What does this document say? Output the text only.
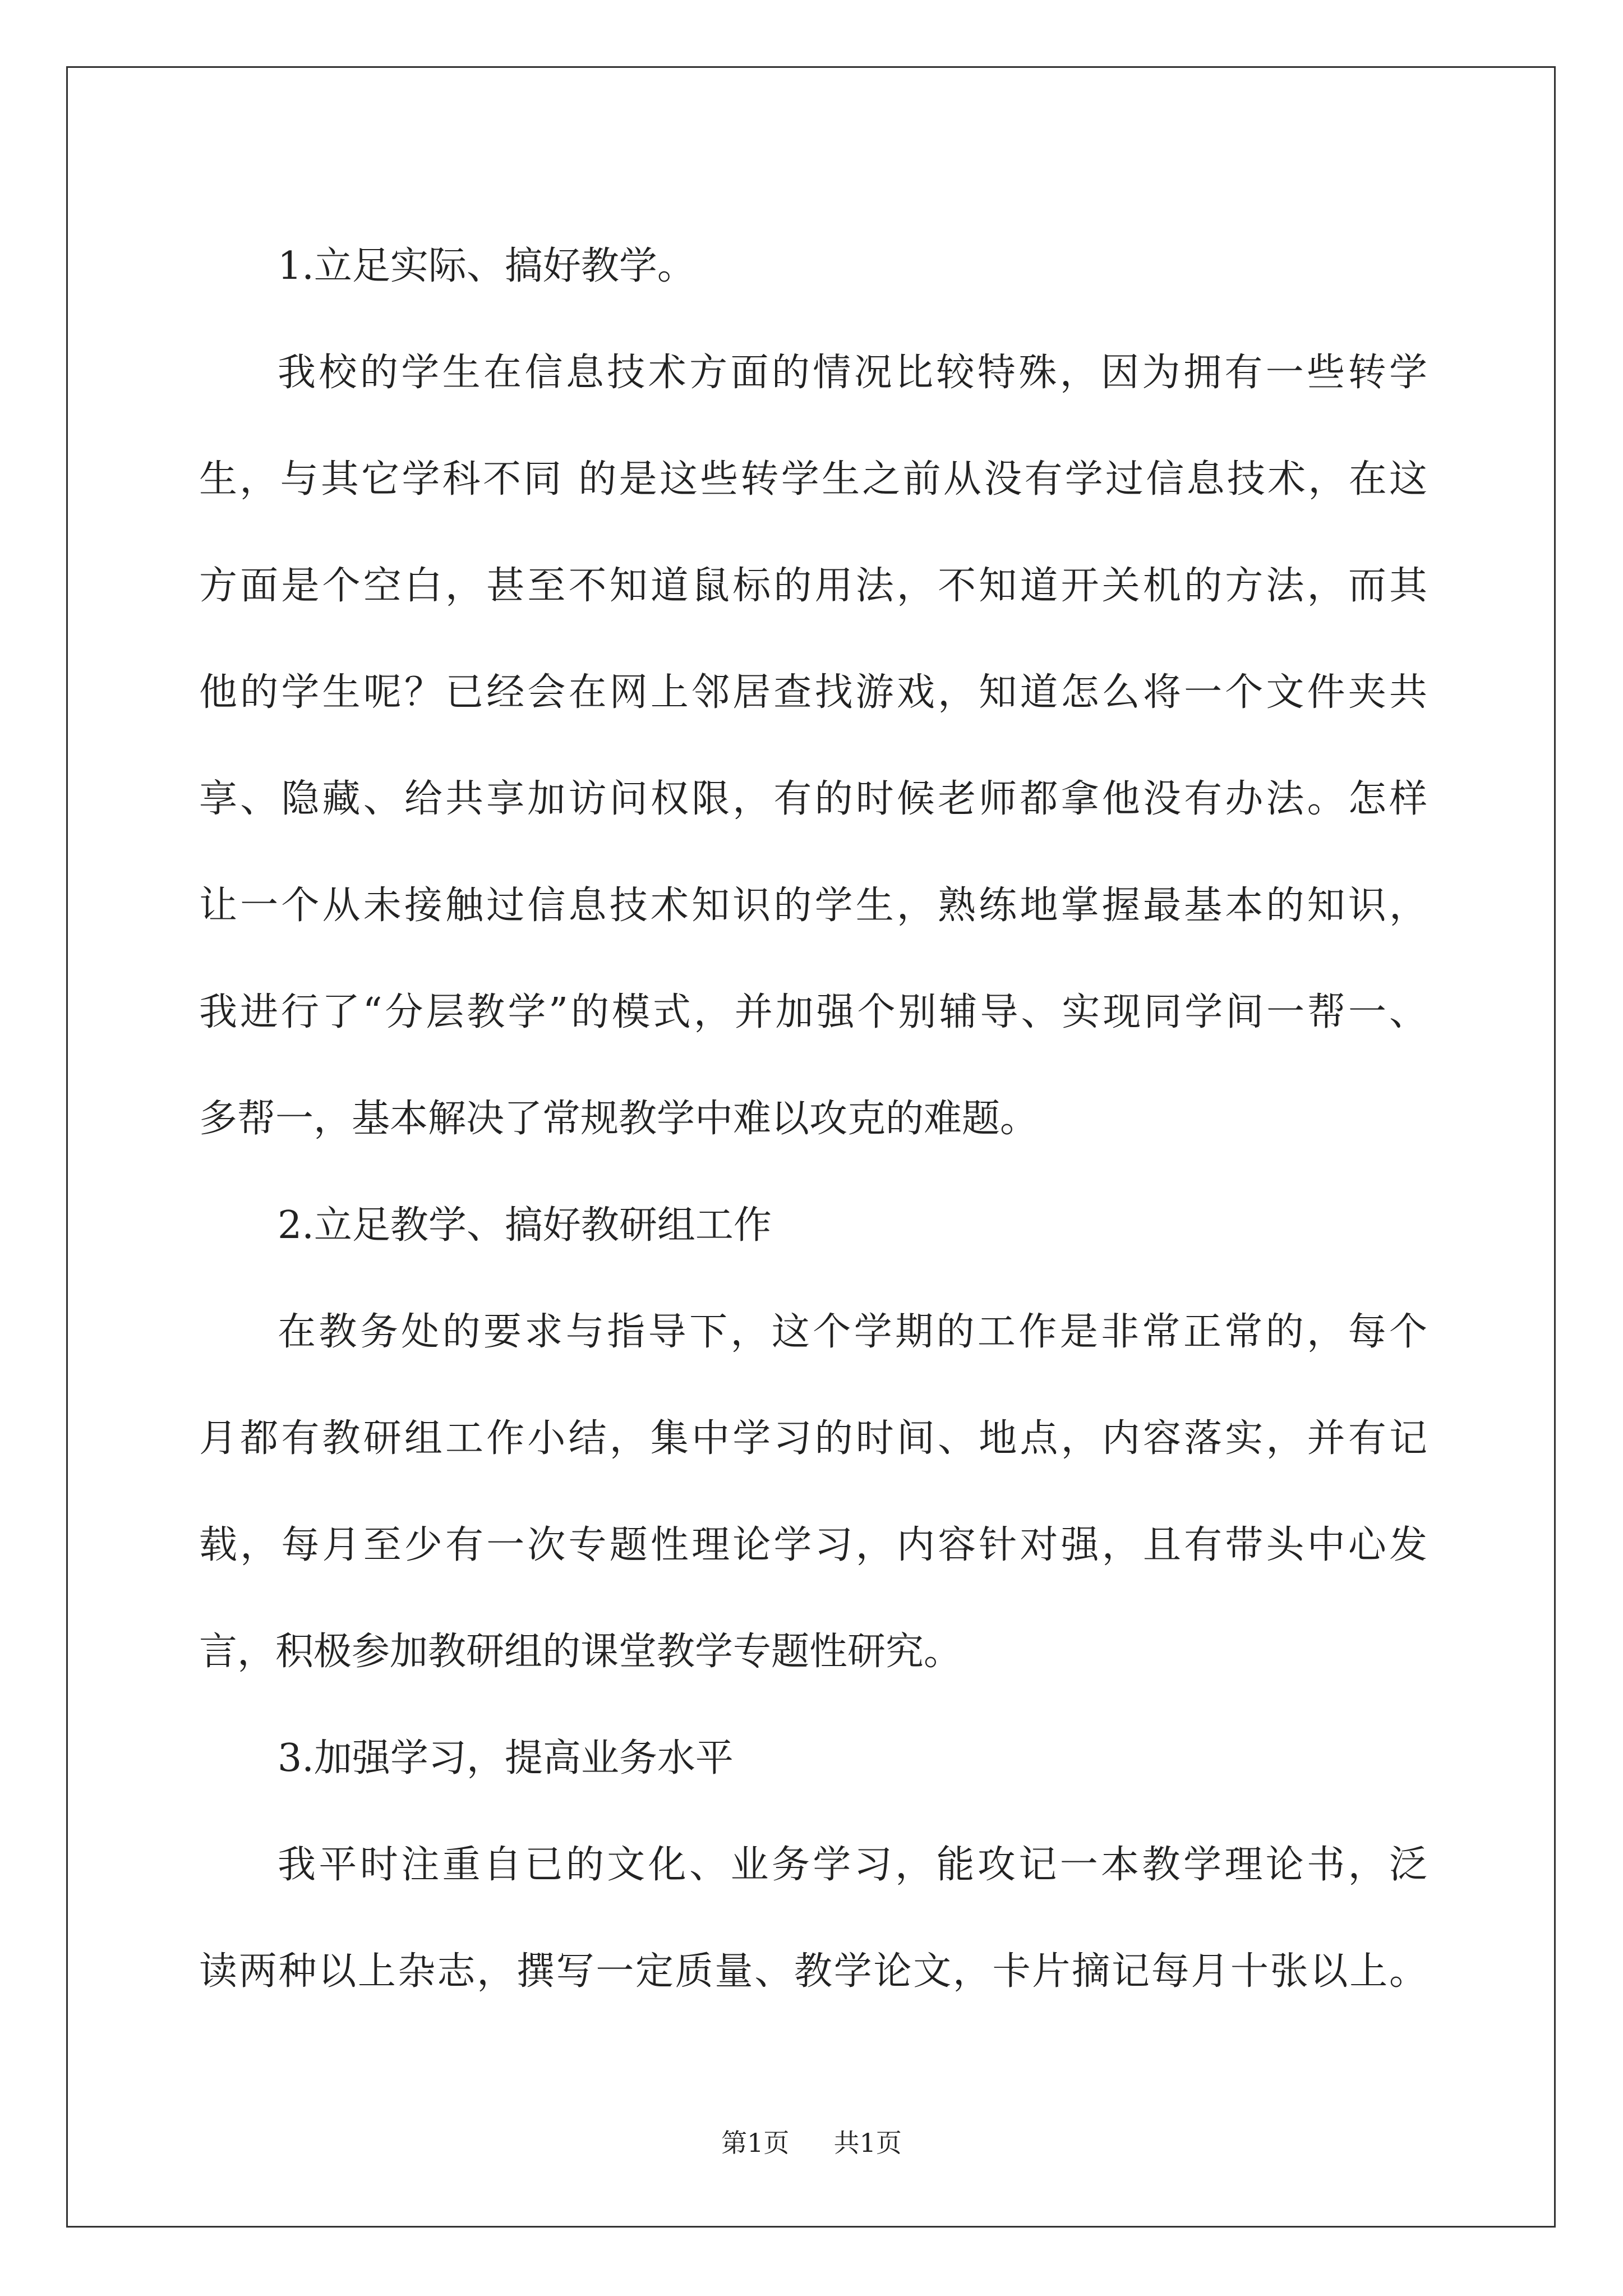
1.立足实际、搞好教学。
我校的学生在信息技术方面的情况比较特殊，因为拥有一些转学
生，与其它学科不同 的是这些转学生之前从没有学过信息技术，在这
方面是个空白，甚至不知道鼠标的用法，不知道开关机的方法，而其
他的学生呢？已经会在网上邻居查找游戏，知道怎么将一个文件夹共
享、隐藏、给共享加访问权限，有的时候老师都拿他没有办法。怎样
让一个从未接触过信息技术知识的学生，熟练地掌握最基本的知识，
我进行了“分层教学”的模式，并加强个别辅导、实现同学间一帮一、
多帮一，基本解决了常规教学中难以攻克的难题。
2.立足教学、搞好教研组工作
在教务处的要求与指导下，这个学期的工作是非常正常的，每个
月都有教研组工作小结，集中学习的时间、地点，内容落实，并有记
载，每月至少有一次专题性理论学习，内容针对强，且有带头中心发
言，积极参加教研组的课堂教学专题性研究。
3.加强学习，提高业务水平
我平时注重自已的文化、业务学习，能攻记一本教学理论书，泛
读两种以上杂志，撰写一定质量、教学论文，卡片摘记每月十张以上。
第1页 共1页
